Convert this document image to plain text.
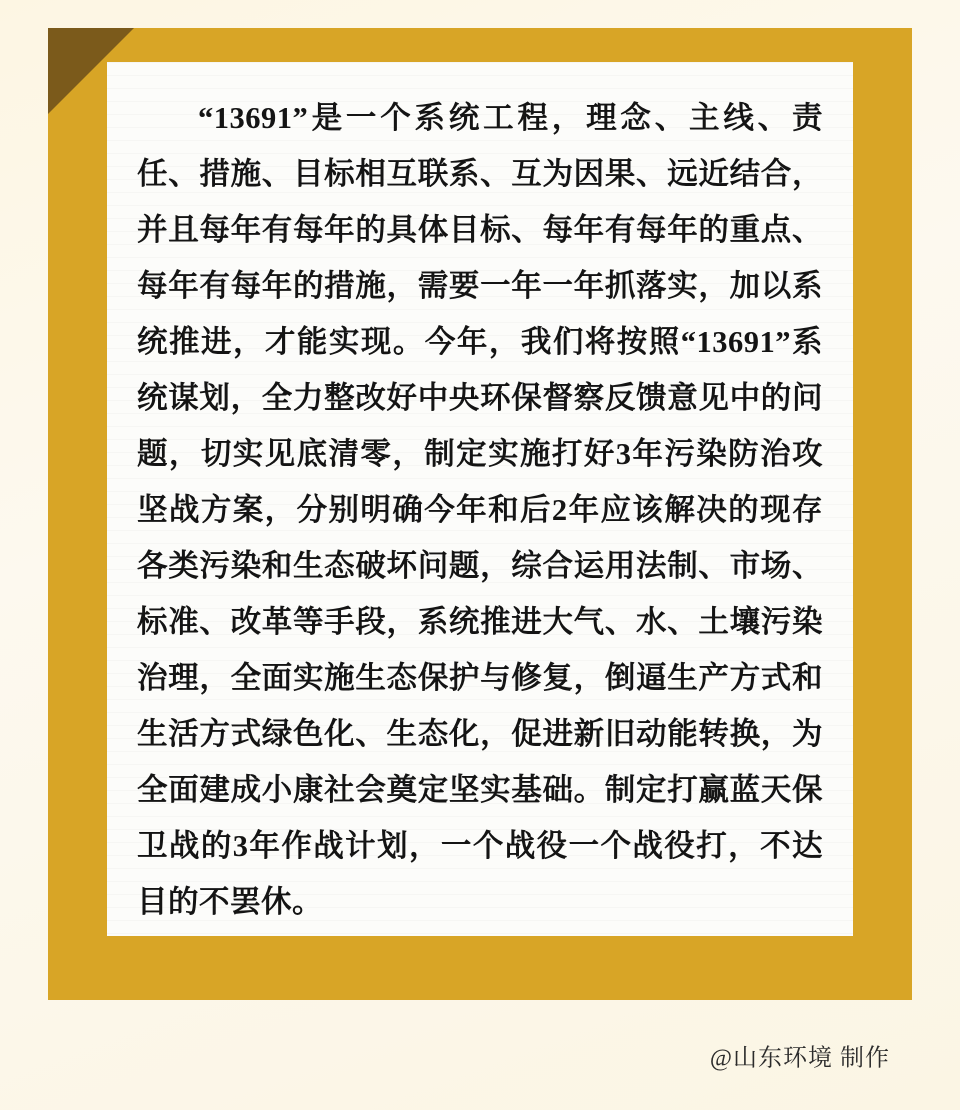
“13691”是一个系统工程，理念、主线、责任、措施、目标相互联系、互为因果、远近结合，并且每年有每年的具体目标、每年有每年的重点、每年有每年的措施，需要一年一年抓落实，加以系统推进，才能实现。今年，我们将按照“13691”系统谋划，全力整改好中央环保督察反馈意见中的问题，切实见底清零，制定实施打好3年污染防治攻坚战方案，分别明确今年和后2年应该解决的现存各类污染和生态破坏问题，综合运用法制、市场、标准、改革等手段，系统推进大气、水、土壤污染治理，全面实施生态保护与修复，倒逼生产方式和生活方式绿色化、生态化，促进新旧动能转换，为全面建成小康社会奠定坚实基础。制定打赢蓝天保卫战的3年作战计划，一个战役一个战役打，不达目的不罢休。

@山东环境 制作
